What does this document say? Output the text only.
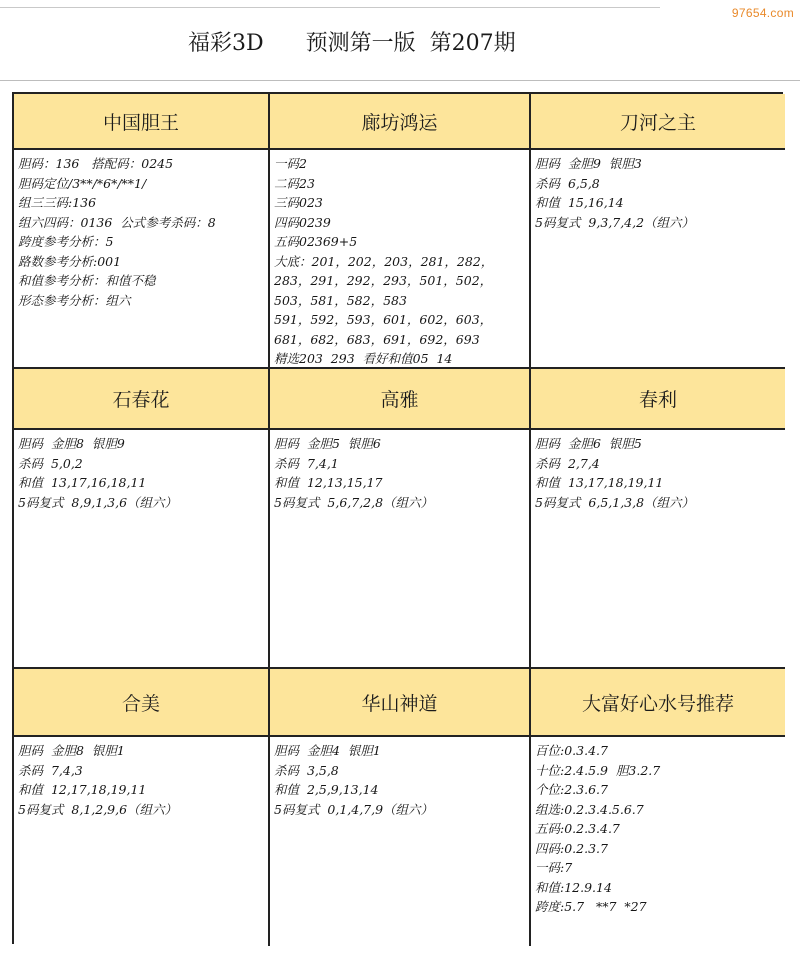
97654.com
福彩3D      预测第一版  第207期
中国胆王	廊坊鸿运	刀河之主
胆码：136   搭配码：0245
胆码定位/3**/*6*/**1/
组三三码:136
组六四码：0136  公式参考杀码：8
跨度参考分析：5
路数参考分析:001
和值参考分析：和值不稳
形态参考分析：组六
一码2
二码23
三码023
四码0239
五码02369+5
大底：201，202，203，281，282，283，291，292，293，501，502，503，581，582，583
591，592，593，601，602，603，681，682，683，691，692，693
精选203  293  看好和值05  14
胆码  金胆9  银胆3
杀码  6,5,8
和值  15,16,14
5码复式  9,3,7,4,2（组六）
石春花	高雅	春利
胆码  金胆8  银胆9
杀码  5,0,2
和值  13,17,16,18,11
5码复式  8,9,1,3,6（组六）
胆码  金胆5  银胆6
杀码  7,4,1
和值  12,13,15,17
5码复式  5,6,7,2,8（组六）
胆码  金胆6  银胆5
杀码  2,7,4
和值  13,17,18,19,11
5码复式  6,5,1,3,8（组六）
合美	华山神道	大富好心水号推荐
胆码  金胆8  银胆1
杀码  7,4,3
和值  12,17,18,19,11
5码复式  8,1,2,9,6（组六）
胆码  金胆4  银胆1
杀码  3,5,8
和值  2,5,9,13,14
5码复式  0,1,4,7,9（组六）
百位:0.3.4.7
十位:2.4.5.9  胆3.2.7
个位:2.3.6.7
组选:0.2.3.4.5.6.7
五码:0.2.3.4.7
四码:0.2.3.7
一码:7
和值:12.9.14
跨度:5.7   **7  *27
